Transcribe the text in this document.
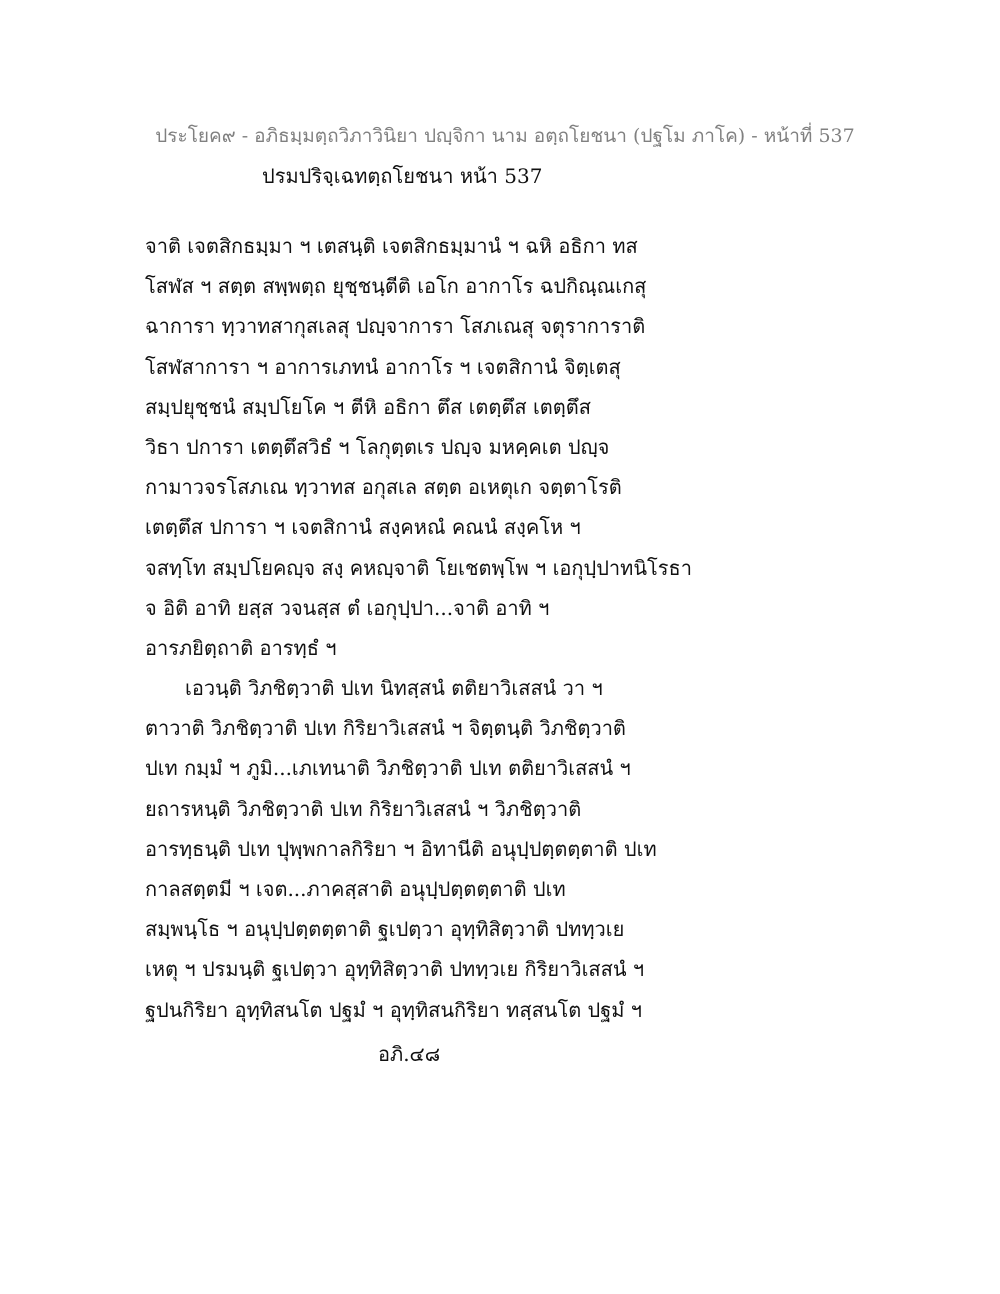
ประโยค๙ - อภิธมฺมตฺถวิภาวินิยา ปญฺจิกา นาม อตฺถโยชนา (ปฐโม ภาโค) - หน้าที่ 537
ปรมปริจฺเฉทตฺถโยชนา หน้า 537
จาติ เจตสิกธมฺมา ฯ เตสนฺติ เจตสิกธมฺมานํ ฯ ฉหิ อธิกา ทส
โสฬส ฯ สตฺต สพฺพตฺถ ยุชฺชนฺตีติ เอโก อากาโร ฉปกิณฺณเกสุ
ฉาการา ทฺวาทสากุสเลสุ ปญฺจาการา โสภเณสุ จตุราการาติ
โสฬสาการา ฯ อาการเภทนํ อากาโร ฯ เจตสิกานํ จิตฺเตสุ
สมฺปยุชฺชนํ สมฺปโยโค ฯ ตีหิ อธิกา ตึส เตตฺตึส เตตฺตึส
วิธา ปการา เตตฺตึสวิธํ ฯ โลกุตฺตเร ปญฺจ มหคฺคเต ปญฺจ
กามาวจรโสภเณ ทฺวาทส อกุสเล สตฺต อเหตุเก จตฺตาโรติ
เตตฺตึส ปการา ฯ เจตสิกานํ สงฺคหณํ คณนํ สงฺคโห ฯ
จสทฺโท สมฺปโยคญฺจ สงฺ คหญฺจาติ โยเชตพฺโพ ฯ เอกุปฺปาทนิโรธา
จ อิติ อาทิ ยสฺส วจนสฺส ตํ เอกุปฺปา...จาติ อาทิ ฯ
อารภยิตฺถาติ อารทฺธํ ฯ
เอวนฺติ วิภชิตฺวาติ ปเท นิทสฺสนํ ตติยาวิเสสนํ วา ฯ
ตาวาติ วิภชิตฺวาติ ปเท กิริยาวิเสสนํ ฯ จิตฺตนฺติ วิภชิตฺวาติ
ปเท กมฺมํ ฯ ภูมิ...เภเทนาติ วิภชิตฺวาติ ปเท ตติยาวิเสสนํ ฯ
ยถารหนฺติ วิภชิตฺวาติ ปเท กิริยาวิเสสนํ ฯ วิภชิตฺวาติ
อารทฺธนฺติ ปเท ปุพฺพกาลกิริยา ฯ อิทานีติ อนุปฺปตฺตตฺตาติ ปเท
กาลสตฺตมี ฯ เจต...ภาคสฺสาติ อนุปฺปตฺตตฺตาติ ปเท
สมฺพนฺโธ ฯ อนุปฺปตฺตตฺตาติ ฐเปตฺวา อุทฺทิสิตฺวาติ ปททฺวเย
เหตุ ฯ ปรมนฺติ ฐเปตฺวา อุทฺทิสิตฺวาติ ปททฺวเย กิริยาวิเสสนํ ฯ
ฐปนกิริยา อุทฺทิสนโต ปฐมํ ฯ อุทฺทิสนกิริยา ทสฺสนโต ปฐมํ ฯ
อภิ.๔๘
